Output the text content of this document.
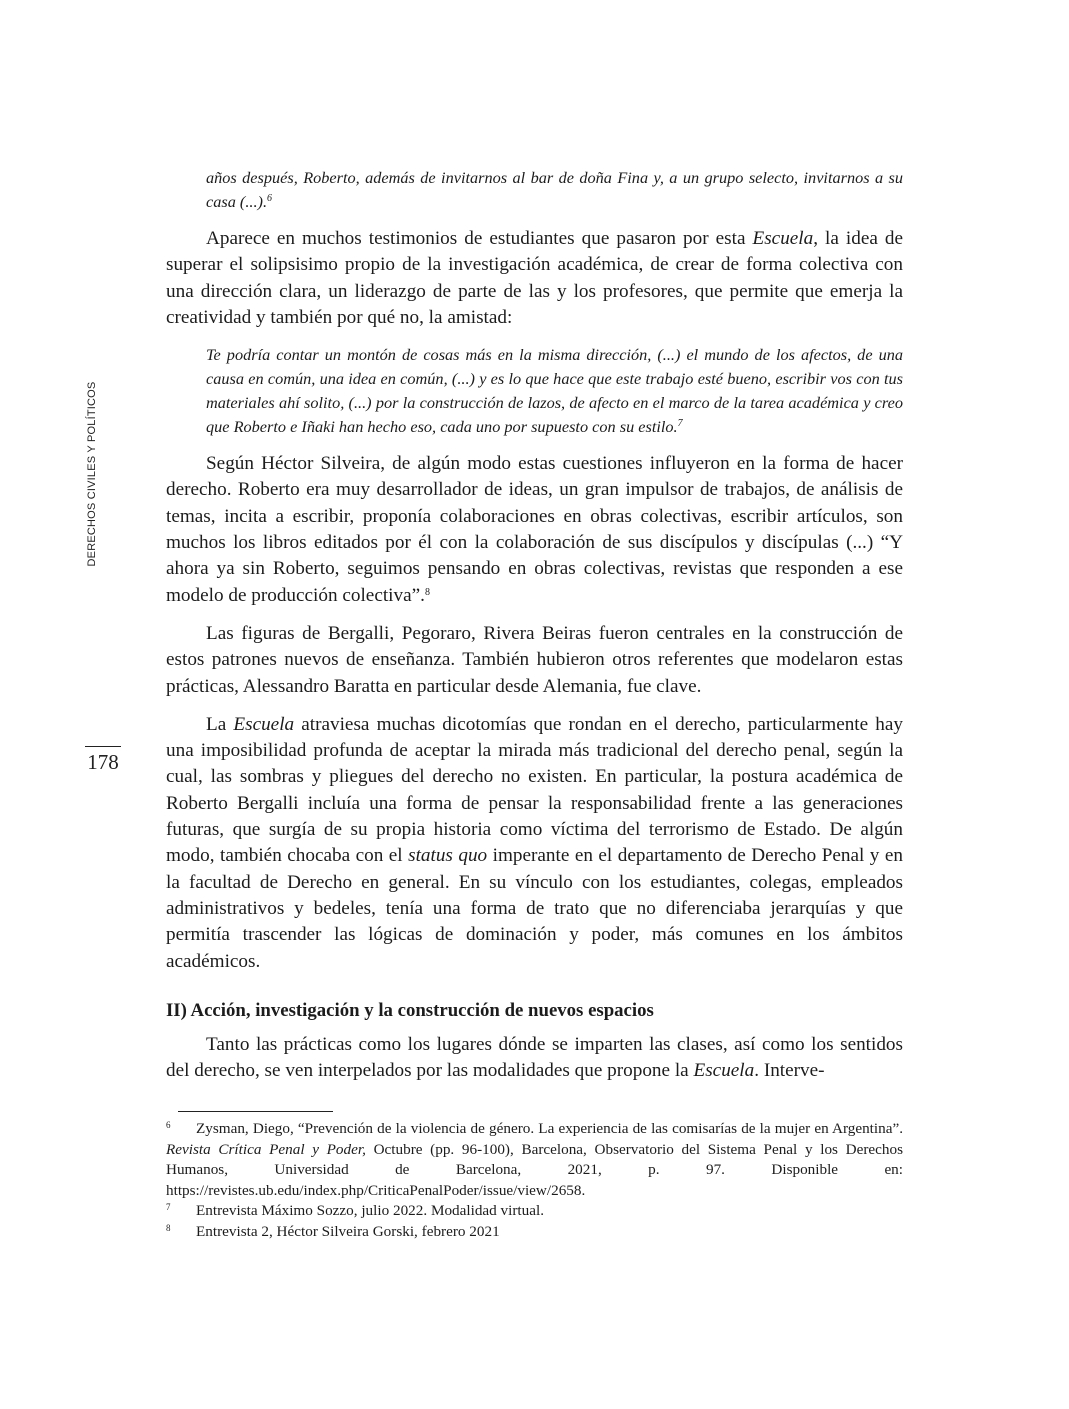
DERECHOS CIVILES Y POLÍTICOS
178

años después, Roberto, además de invitarnos al bar de doña Fina y, a un grupo selecto, invitarnos a su casa (...).$^6$

Aparece en muchos testimonios de estudiantes que pasaron por esta Escuela, la idea de superar el solipsisimo propio de la investigación académica, de crear de forma colectiva con una dirección clara, un liderazgo de parte de las y los profesores, que permite que emerja la creatividad y también por qué no, la amistad:

Te podría contar un montón de cosas más en la misma dirección, (...) el mundo de los afectos, de una causa en común, una idea en común, (...) y es lo que hace que este trabajo esté bueno, escribir vos con tus materiales ahí solito, (...) por la construcción de lazos, de afecto en el marco de la tarea académica y creo que Roberto e Iñaki han hecho eso, cada uno por supuesto con su estilo.$^7$

Según Héctor Silveira, de algún modo estas cuestiones influyeron en la forma de hacer derecho. Roberto era muy desarrollador de ideas, un gran impulsor de trabajos, de análisis de temas, incita a escribir, proponía colaboraciones en obras colectivas, escribir artículos, son muchos los libros editados por él con la colaboración de sus discípulos y discípulas (...) “Y ahora ya sin Roberto, seguimos pensando en obras colectivas, revistas que responden a ese modelo de producción colectiva”.$^8$

Las figuras de Bergalli, Pegoraro, Rivera Beiras fueron centrales en la construcción de estos patrones nuevos de enseñanza. También hubieron otros referentes que modelaron estas prácticas, Alessandro Baratta en particular desde Alemania, fue clave.

La Escuela atraviesa muchas dicotomías que rondan en el derecho, particularmente hay una imposibilidad profunda de aceptar la mirada más tradicional del derecho penal, según la cual, las sombras y pliegues del derecho no existen. En particular, la postura académica de Roberto Bergalli incluía una forma de pensar la responsabilidad frente a las generaciones futuras, que surgía de su propia historia como víctima del terrorismo de Estado. De algún modo, también chocaba con el status quo imperante en el departamento de Derecho Penal y en la facultad de Derecho en general. En su vínculo con los estudiantes, colegas, empleados administrativos y bedeles, tenía una forma de trato que no diferenciaba jerarquías y que permitía trascender las lógicas de dominación y poder, más comunes en los ámbitos académicos.

II) Acción, investigación y la construcción de nuevos espacios

Tanto las prácticas como los lugares dónde se imparten las clases, así como los sentidos del derecho, se ven interpelados por las modalidades que propone la Escuela. Interve-

6 Zysman, Diego, “Prevención de la violencia de género. La experiencia de las comisarías de la mujer en Argentina”. Revista Crítica Penal y Poder, Octubre (pp. 96-100), Barcelona, Observatorio del Sistema Penal y los Derechos Humanos, Universidad de Barcelona, 2021, p. 97. Disponible en: https://revistes.ub.edu/index.php/CriticaPenalPoder/issue/view/2658.

7 Entrevista Máximo Sozzo, julio 2022. Modalidad virtual.

8 Entrevista 2, Héctor Silveira Gorski, febrero 2021
